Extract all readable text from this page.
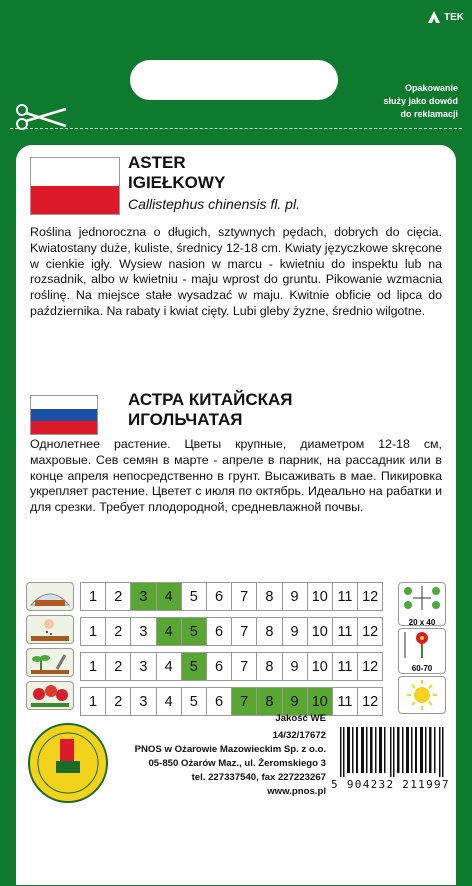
TEK
Opakowanie
służy jako dowód
do reklamacji
ASTER
IGIEŁKOWY
Callistephus chinensis fl. pl.
Roślina jednoroczna o długich, sztywnych pędach, dobrych do cięcia. Kwiatostany duże, kuliste, średnicy 12-18 cm. Kwiaty języczkowe skręcone w cienkie igły. Wysiew nasion w marcu - kwietniu do inspektu lub na rozsadnik, albo w kwietniu - maju wprost do gruntu. Pikowanie wzmacnia roślinę. Na miejsce stałe wysadzać w maju. Kwitnie obficie od lipca do października. Na rabaty i kwiat cięty. Lubi gleby żyzne, średnio wilgotne.
АСТРА КИТАЙСКАЯ
ИГОЛЬЧАТАЯ
Однолетнее растение. Цветы крупные, диаметром 12-18 см, махровые. Сев семян в марте - апреле в парник, на рассадник или в конце апреля непосредственно в грунт. Высаживать в мае. Пикировка укрепляет растение. Цветет с июля по октябрь. Идеально на рабатки и для срезки. Требует плодородной, средневлажной почвы.
1	2	3	4	5	6	7	8	9	10	11	12

1	2	3	4	5	6	7	8	9	10	11	12

1	2	3	4	5	6	7	8	9	10	11	12

1	2	3	4	5	6	7	8	9	10	11	12
20 x 40
60-70
Jakość WE
14/32/17672
PNOS w Ożarowie Mazowieckim Sp. z o.o.
05-850 Ożarów Maz., ul. Żeromskiego 3
tel. 227337540, fax 227223267
www.pnos.pl
5 904232 211997
